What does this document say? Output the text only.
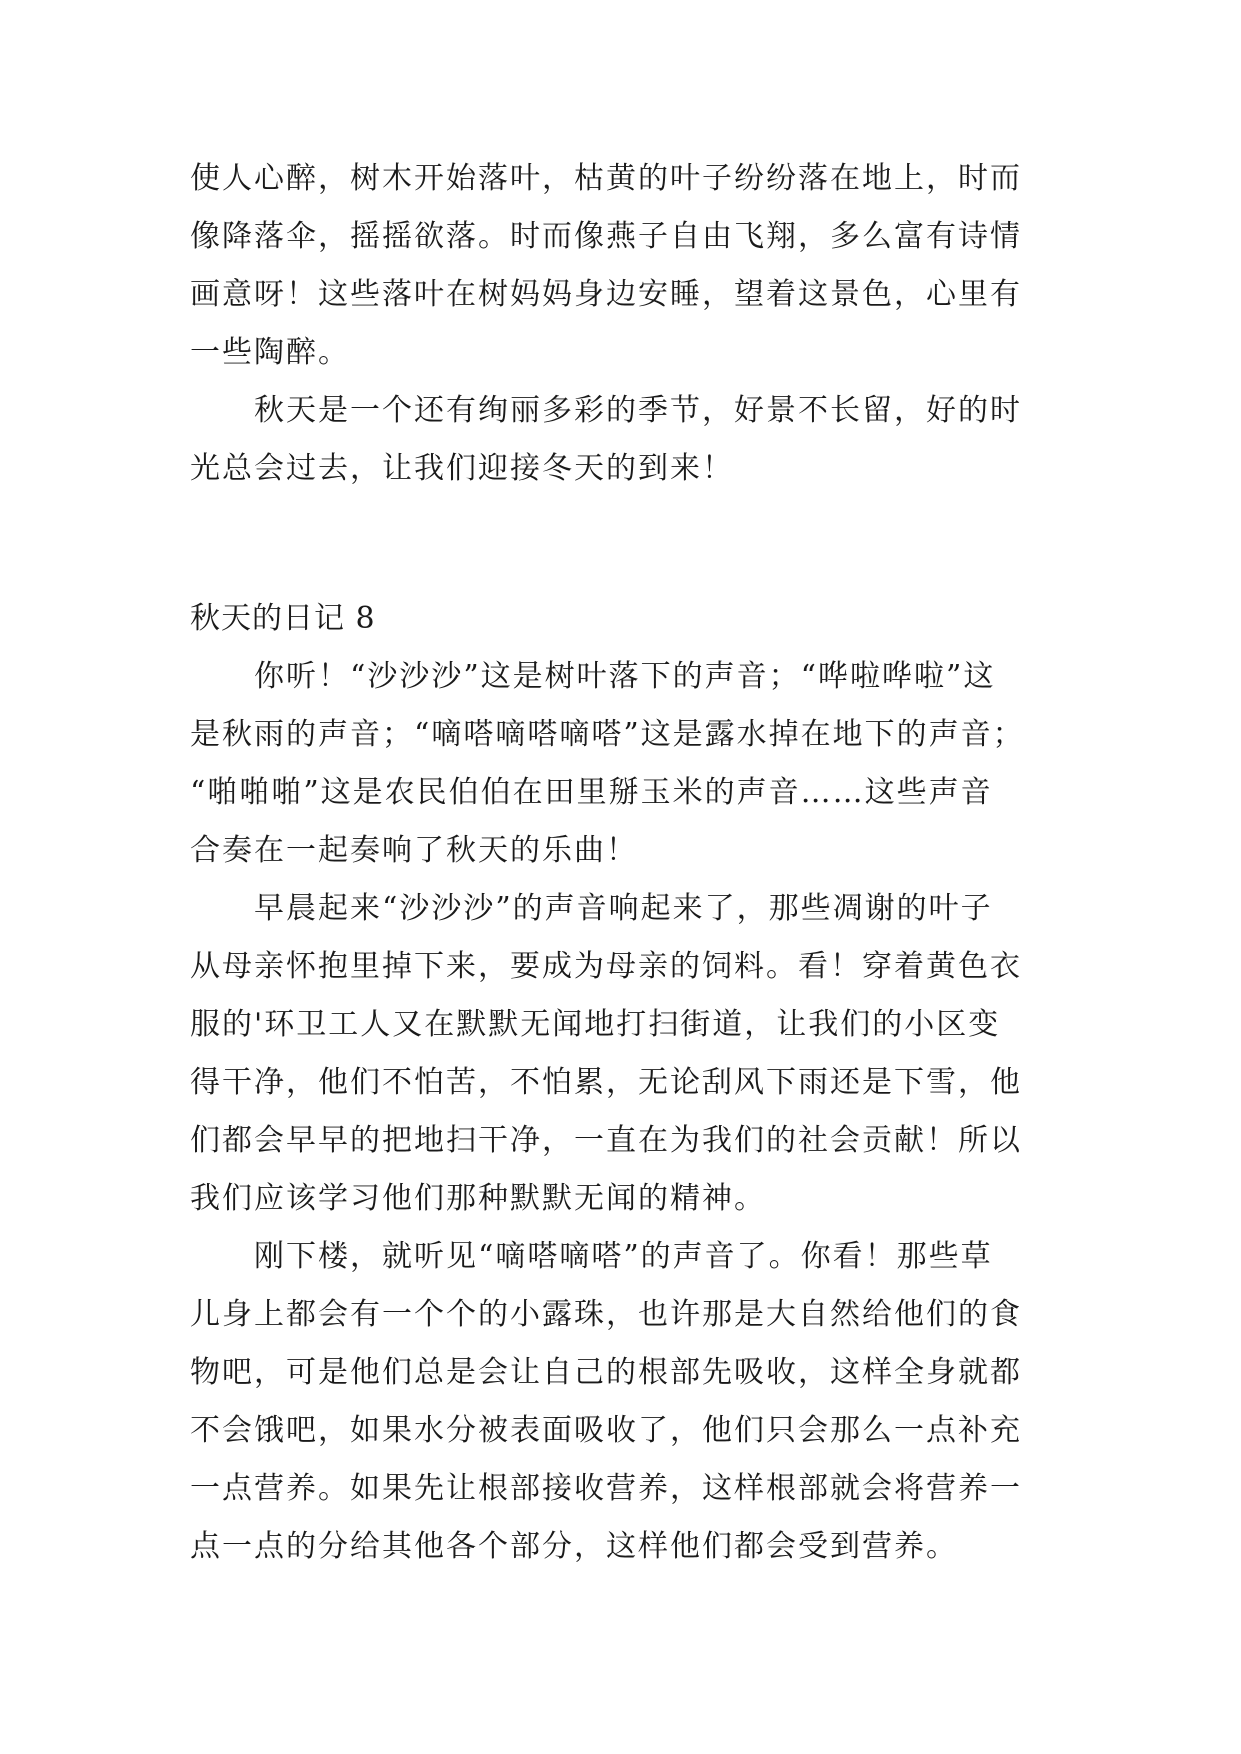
使人心醉，树木开始落叶，枯黄的叶子纷纷落在地上，时而
像降落伞，摇摇欲落。时而像燕子自由飞翔，多么富有诗情
画意呀！这些落叶在树妈妈身边安睡，望着这景色，心里有
一些陶醉。
秋天是一个还有绚丽多彩的季节，好景不长留，好的时
光总会过去，让我们迎接冬天的到来！
秋天的日记 8
你听！“沙沙沙”这是树叶落下的声音；“哗啦哗啦”这
是秋雨的声音；“嘀嗒嘀嗒嘀嗒”这是露水掉在地下的声音；
“啪啪啪”这是农民伯伯在田里掰玉米的声音……这些声音
合奏在一起奏响了秋天的乐曲！
早晨起来“沙沙沙”的声音响起来了，那些凋谢的叶子
从母亲怀抱里掉下来，要成为母亲的饲料。看！穿着黄色衣
服的'环卫工人又在默默无闻地打扫街道，让我们的小区变
得干净，他们不怕苦，不怕累，无论刮风下雨还是下雪，他
们都会早早的把地扫干净，一直在为我们的社会贡献！所以
我们应该学习他们那种默默无闻的精神。
刚下楼，就听见“嘀嗒嘀嗒”的声音了。你看！那些草
儿身上都会有一个个的小露珠，也许那是大自然给他们的食
物吧，可是他们总是会让自己的根部先吸收，这样全身就都
不会饿吧，如果水分被表面吸收了，他们只会那么一点补充
一点营养。如果先让根部接收营养，这样根部就会将营养一
点一点的分给其他各个部分，这样他们都会受到营养。
